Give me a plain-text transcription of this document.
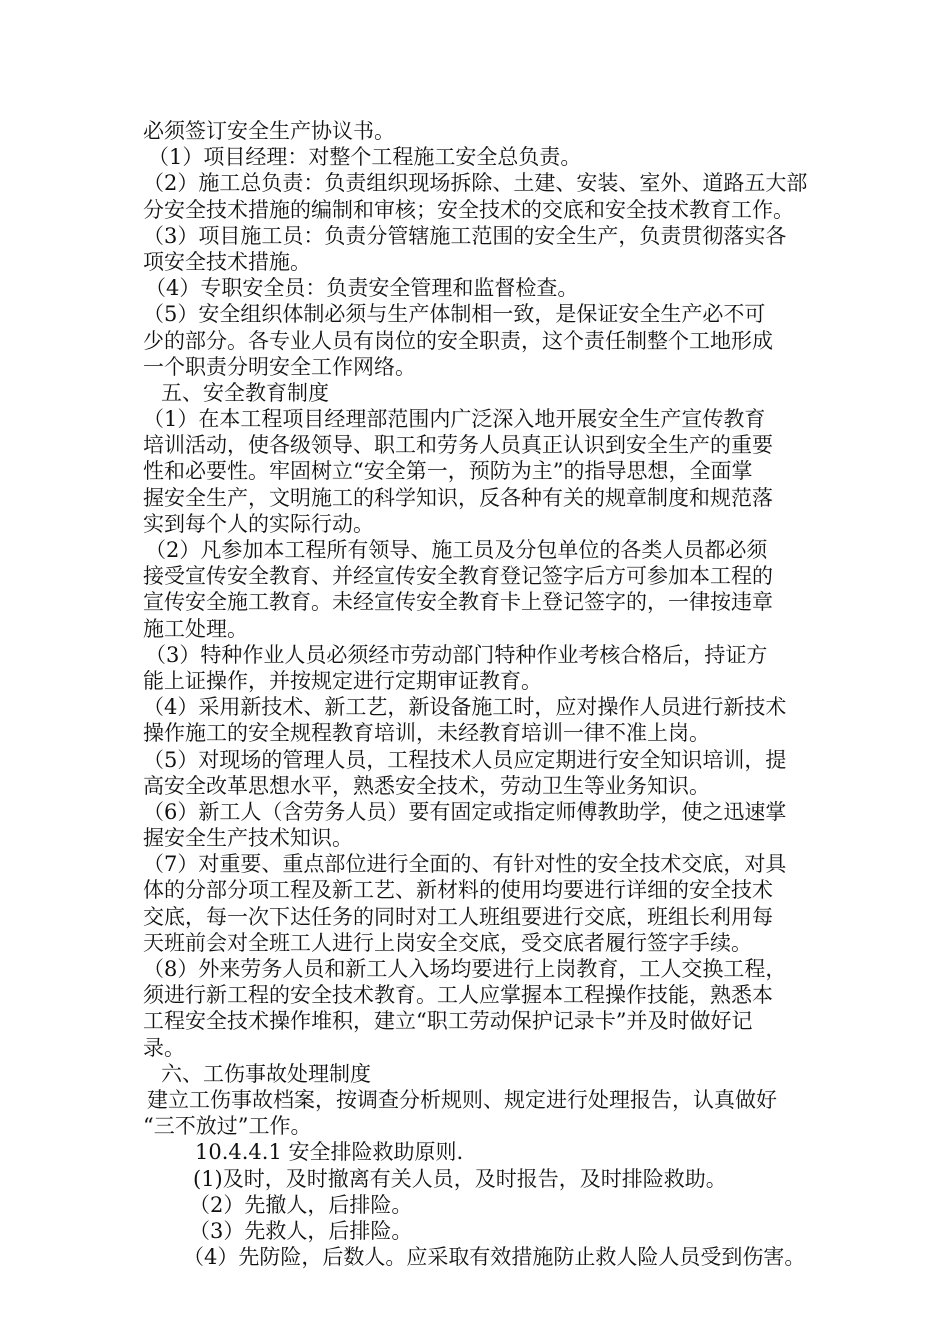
必须签订安全生产协议书。
（1）项目经理：对整个工程施工安全总负责。
（2）施工总负责：负责组织现场拆除、土建、安装、室外、道路五大部
分安全技术措施的编制和审核；安全技术的交底和安全技术教育工作。
（3）项目施工员：负责分管辖施工范围的安全生产，负责贯彻落实各
项安全技术措施。
（4）专职安全员：负责安全管理和监督检查。
（5）安全组织体制必须与生产体制相一致，是保证安全生产必不可
少的部分。各专业人员有岗位的安全职责，这个责任制整个工地形成
一个职责分明安全工作网络。
五、安全教育制度
（1）在本工程项目经理部范围内广泛深入地开展安全生产宣传教育
培训活动，使各级领导、职工和劳务人员真正认识到安全生产的重要
性和必要性。牢固树立“安全第一，预防为主”的指导思想，全面掌
握安全生产，文明施工的科学知识，反各种有关的规章制度和规范落
实到每个人的实际行动。
（2）凡参加本工程所有领导、施工员及分包单位的各类人员都必须
接受宣传安全教育、并经宣传安全教育登记签字后方可参加本工程的
宣传安全施工教育。未经宣传安全教育卡上登记签字的，一律按违章
施工处理。
（3）特种作业人员必须经市劳动部门特种作业考核合格后，持证方
能上证操作，并按规定进行定期审证教育。
（4）采用新技术、新工艺，新设备施工时，应对操作人员进行新技术
操作施工的安全规程教育培训，未经教育培训一律不准上岗。
（5）对现场的管理人员，工程技术人员应定期进行安全知识培训，提
高安全改革思想水平，熟悉安全技术，劳动卫生等业务知识。
（6）新工人（含劳务人员）要有固定或指定师傅教助学，使之迅速掌
握安全生产技术知识。
（7）对重要、重点部位进行全面的、有针对性的安全技术交底，对具
体的分部分项工程及新工艺、新材料的使用均要进行详细的安全技术
交底，每一次下达任务的同时对工人班组要进行交底，班组长利用每
天班前会对全班工人进行上岗安全交底，受交底者履行签字手续。
（8）外来劳务人员和新工人入场均要进行上岗教育，工人交换工程，
须进行新工程的安全技术教育。工人应掌握本工程操作技能，熟悉本
工程安全技术操作堆积，建立“职工劳动保护记录卡”并及时做好记
录。
六、工伤事故处理制度
建立工伤事故档案，按调查分析规则、规定进行处理报告，认真做好
“三不放过”工作。
10.4.4.1 安全排险救助原则.
(1)及时，及时撤离有关人员，及时报告，及时排险救助。
（2）先撤人，后排险。
（3）先救人，后排险。
（4）先防险，后数人。应采取有效措施防止救人险人员受到伤害。
